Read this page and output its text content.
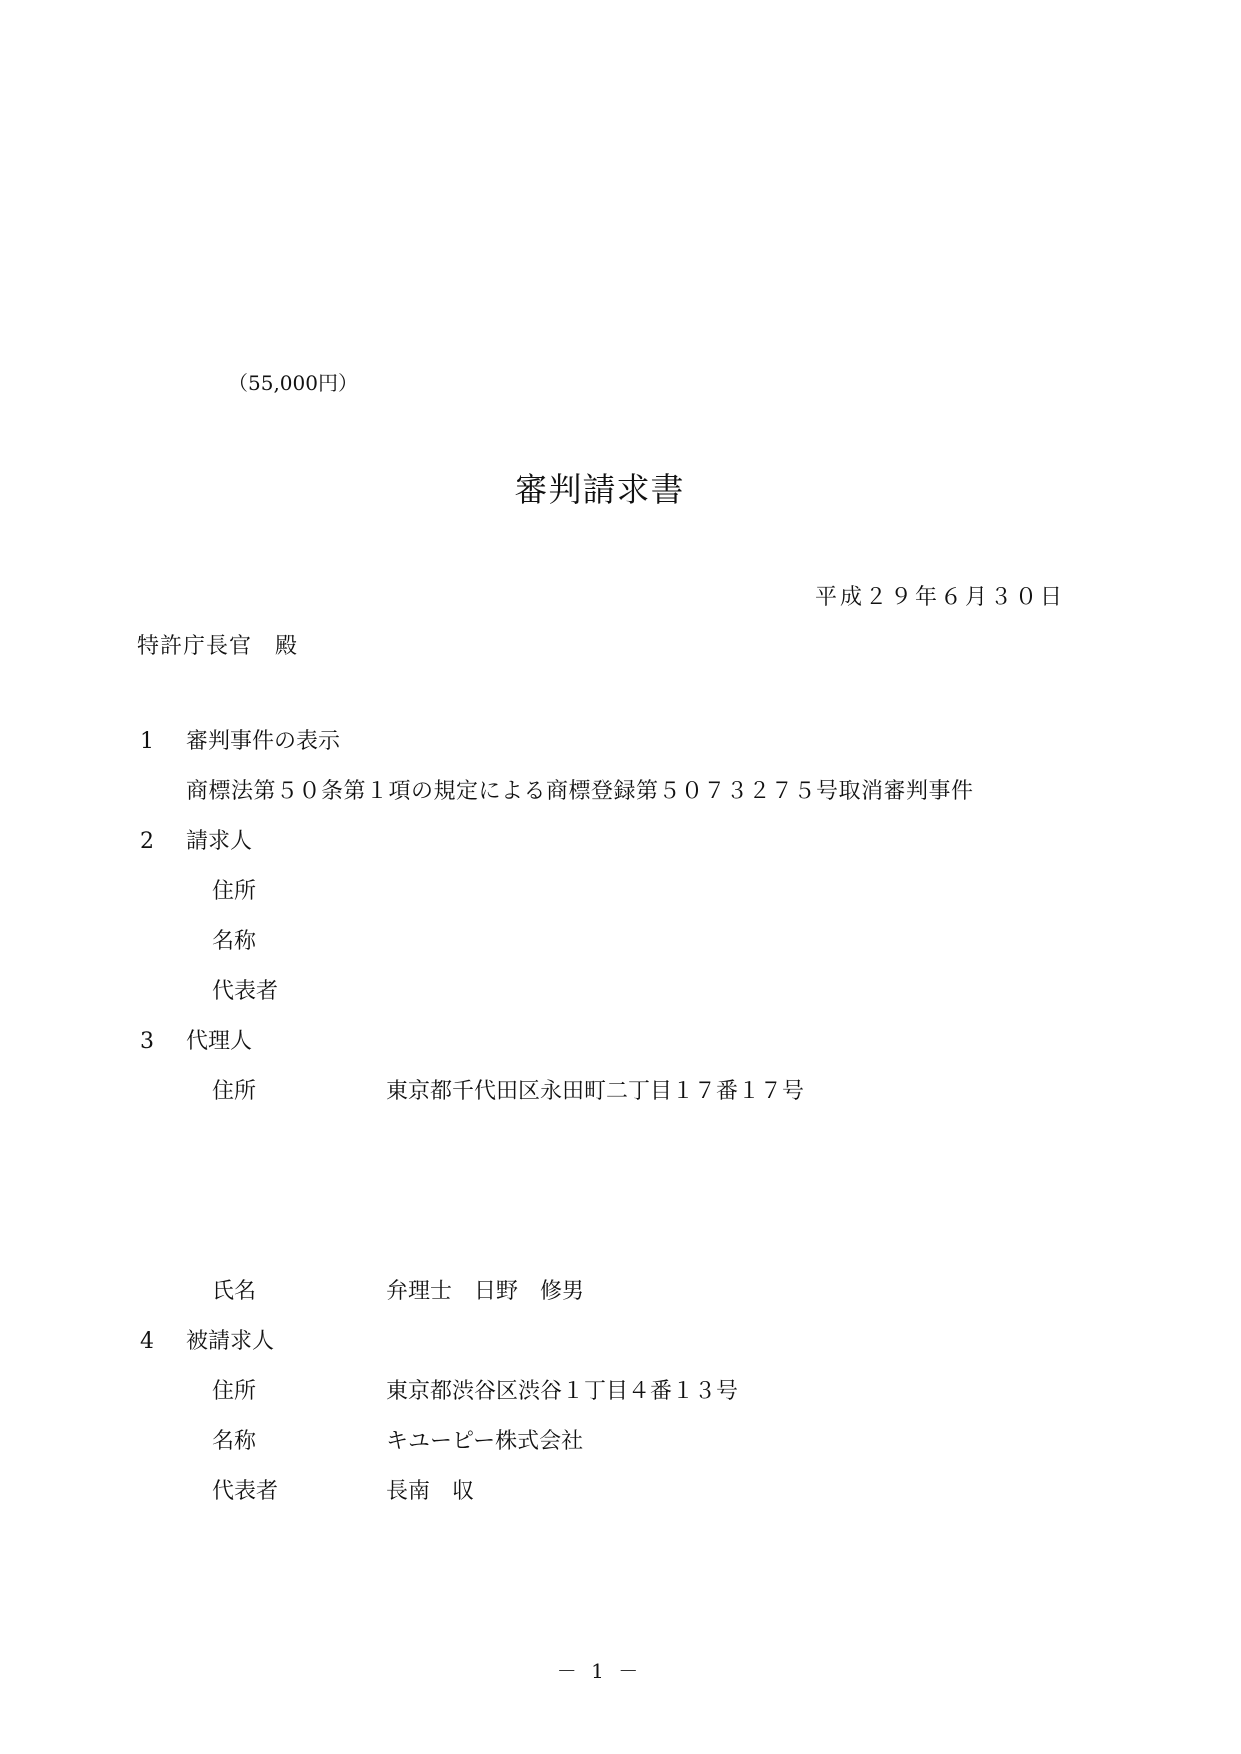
（55,000円）
審判請求書
平成２９年６月３０日
特許庁長官　殿
1 審判事件の表示
商標法第５０条第１項の規定による商標登録第５０７３２７５号取消審判事件
2 請求人
住所
名称
代表者
3 代理人
住所	東京都千代田区永田町二丁目１７番１７号
氏名	弁理士　日野　修男
4 被請求人
住所	東京都渋谷区渋谷１丁目４番１３号
名称	キユーピー株式会社
代表者	長南　収
－ 1 －
